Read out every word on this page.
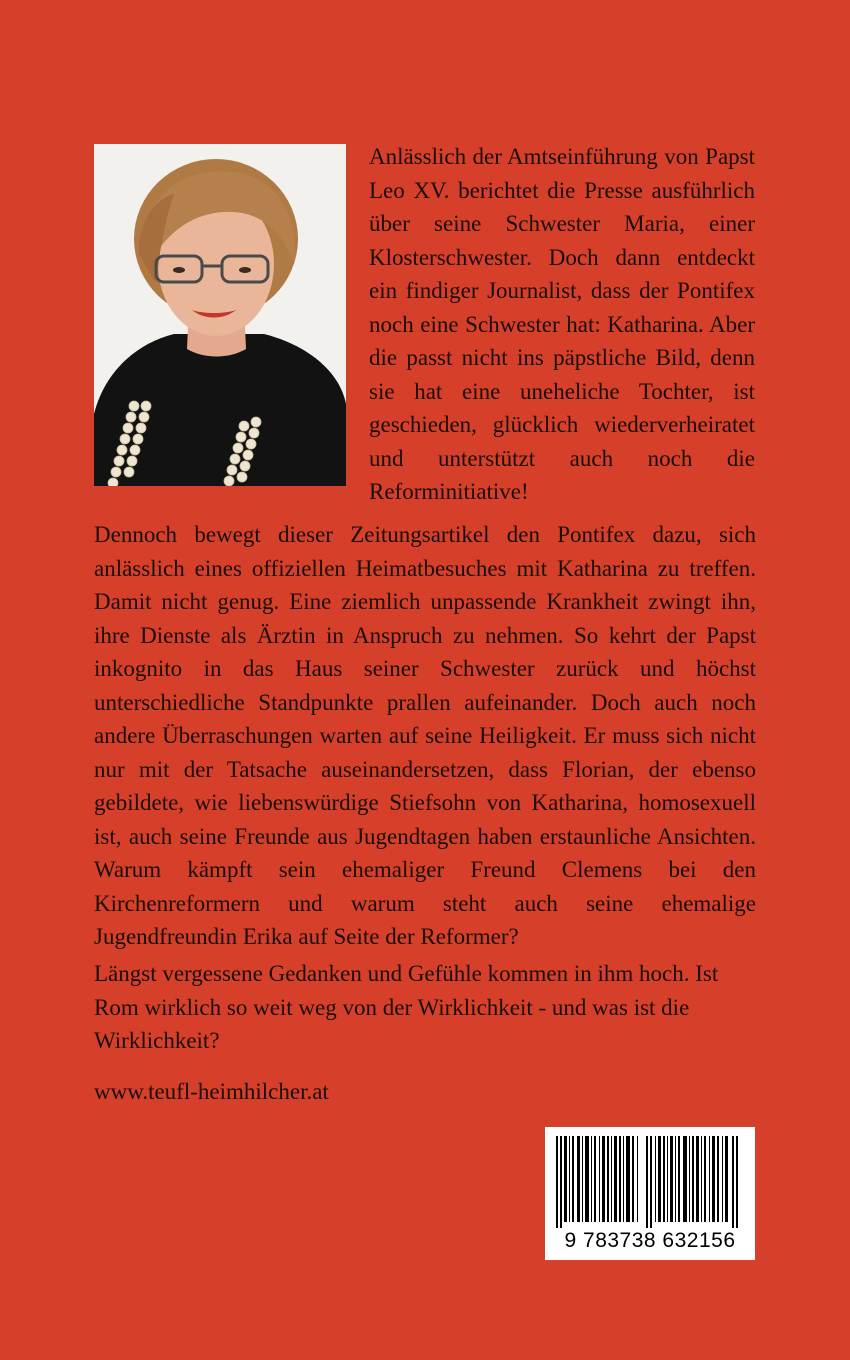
Anlässlich der Amtseinführung von Papst Leo XV. berichtet die Presse ausführlich über seine Schwester Maria, einer Klosterschwester. Doch dann entdeckt ein findiger Journalist, dass der Pontifex noch eine Schwester hat: Katharina. Aber die passt nicht ins päpstliche Bild, denn sie hat eine uneheliche Tochter, ist geschieden, glücklich wiederverheiratet und unterstützt auch noch die Reforminitiative!

Dennoch bewegt dieser Zeitungsartikel den Pontifex dazu, sich anlässlich eines offiziellen Heimatbesuches mit Katharina zu treffen. Damit nicht genug. Eine ziemlich unpassende Krankheit zwingt ihn, ihre Dienste als Ärztin in Anspruch zu nehmen. So kehrt der Papst inkognito in das Haus seiner Schwester zurück und höchst unterschiedliche Standpunkte prallen aufeinander. Doch auch noch andere Überraschungen warten auf seine Heiligkeit. Er muss sich nicht nur mit der Tatsache auseinandersetzen, dass Florian, der ebenso gebildete, wie liebenswürdige Stiefsohn von Katharina, homosexuell ist, auch seine Freunde aus Jugendtagen haben erstaunliche Ansichten. Warum kämpft sein ehemaliger Freund Clemens bei den Kirchenreformern und warum steht auch seine ehemalige Jugendfreundin Erika auf Seite der Reformer?

Längst vergessene Gedanken und Gefühle kommen in ihm hoch. Ist Rom wirklich so weit weg von der Wirklichkeit - und was ist die Wirklichkeit?

www.teufl-heimhilcher.at

9 783738 632156
